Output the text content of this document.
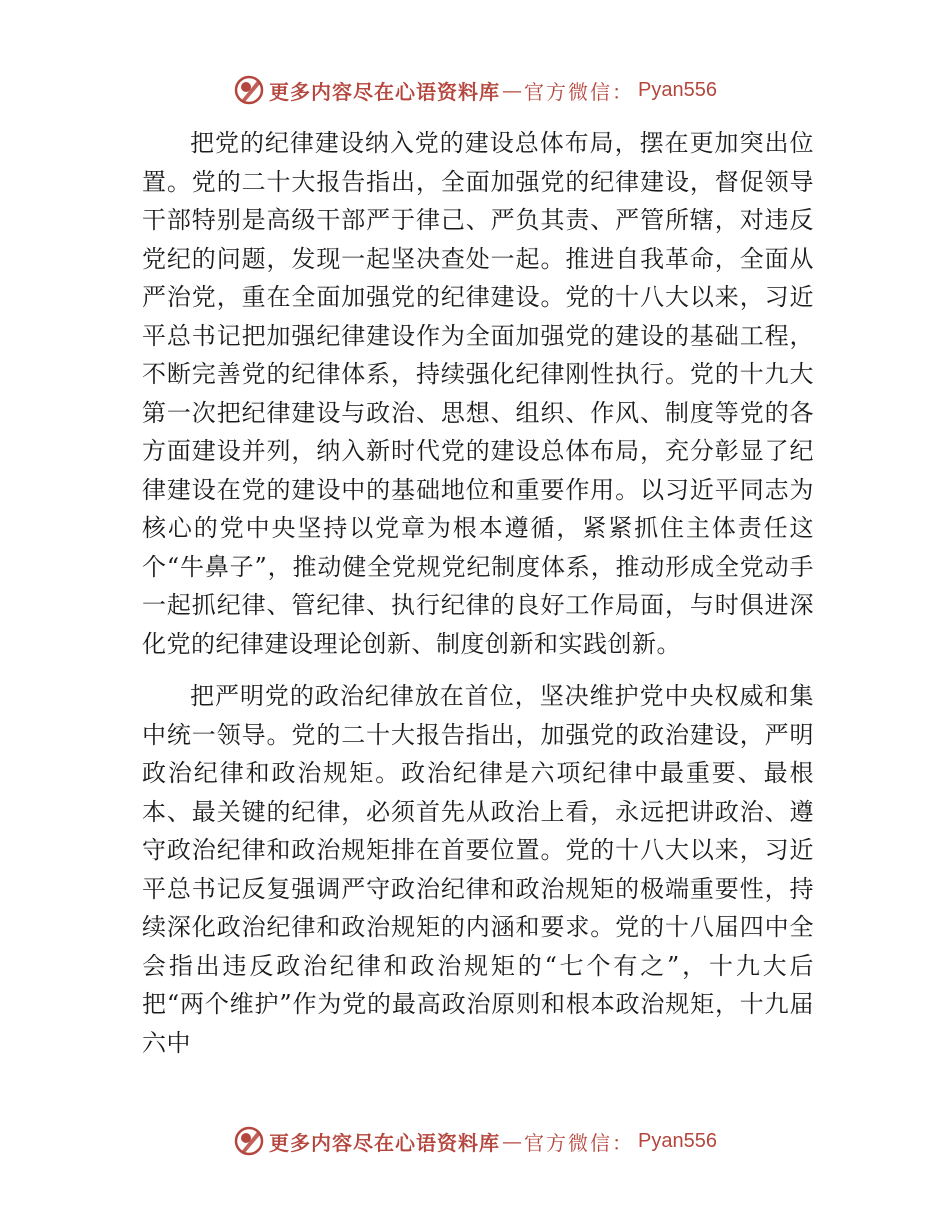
更多内容尽在心语资料库 — 官方微信： Pyan556

把党的纪律建设纳入党的建设总体布局，摆在更加突出位置。党的二十大报告指出，全面加强党的纪律建设，督促领导干部特别是高级干部严于律己、严负其责、严管所辖，对违反党纪的问题，发现一起坚决查处一起。推进自我革命，全面从严治党，重在全面加强党的纪律建设。党的十八大以来，习近平总书记把加强纪律建设作为全面加强党的建设的基础工程，不断完善党的纪律体系，持续强化纪律刚性执行。党的十九大第一次把纪律建设与政治、思想、组织、作风、制度等党的各方面建设并列，纳入新时代党的建设总体布局，充分彰显了纪律建设在党的建设中的基础地位和重要作用。以习近平同志为核心的党中央坚持以党章为根本遵循，紧紧抓住主体责任这个“牛鼻子”，推动健全党规党纪制度体系，推动形成全党动手一起抓纪律、管纪律、执行纪律的良好工作局面，与时俱进深化党的纪律建设理论创新、制度创新和实践创新。

把严明党的政治纪律放在首位，坚决维护党中央权威和集中统一领导。党的二十大报告指出，加强党的政治建设，严明政治纪律和政治规矩。政治纪律是六项纪律中最重要、最根本、最关键的纪律，必须首先从政治上看，永远把讲政治、遵守政治纪律和政治规矩排在首要位置。党的十八大以来，习近平总书记反复强调严守政治纪律和政治规矩的极端重要性，持续深化政治纪律和政治规矩的内涵和要求。党的十八届四中全会指出违反政治纪律和政治规矩的“七个有之”，十九大后把“两个维护”作为党的最高政治原则和根本政治规矩，十九届六中

更多内容尽在心语资料库 — 官方微信： Pyan556
